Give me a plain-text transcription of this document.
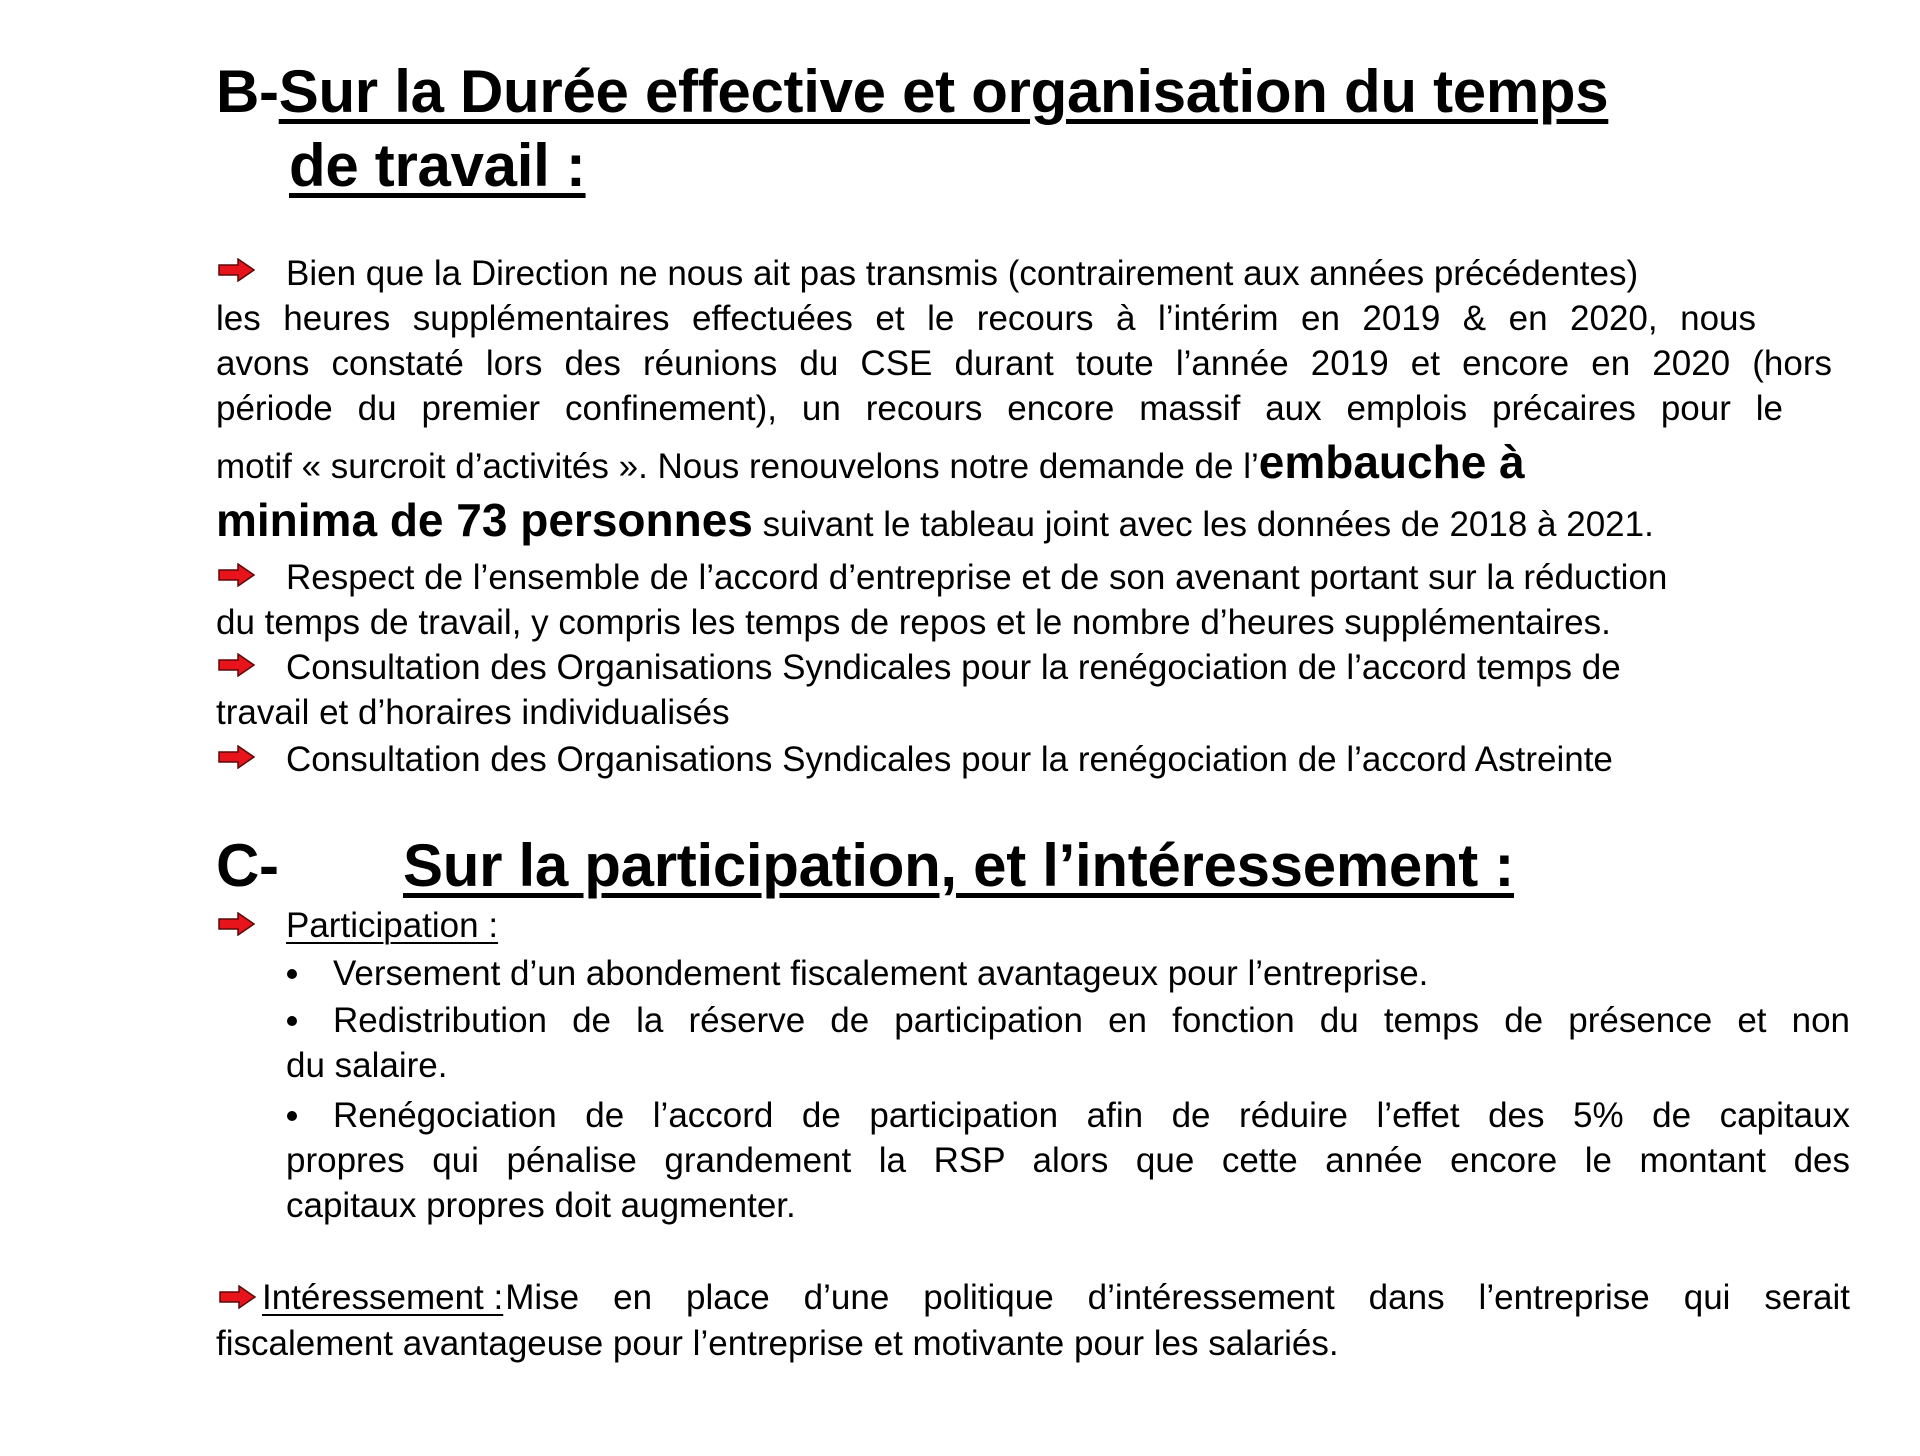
B-Sur la Durée effective et organisation du temps
de travail :
Bien que la Direction ne nous ait pas transmis (contrairement aux années précédentes)
les heures supplémentaires effectuées et le recours à l’intérim en 2019 & en 2020, nous
avons constaté lors des réunions du CSE durant toute l’année 2019 et encore en 2020 (hors
période du premier confinement), un recours encore massif aux emplois précaires pour le
motif « surcroit d’activités ». Nous renouvelons notre demande de l’embauche à
minima de 73 personnes suivant le tableau joint avec les données de 2018 à 2021.
Respect de l’ensemble de l’accord d’entreprise et de son avenant portant sur la réduction
du temps de travail, y compris les temps de repos et le nombre d’heures supplémentaires.
Consultation des Organisations Syndicales pour la renégociation de l’accord temps de
travail et d’horaires individualisés
Consultation des Organisations Syndicales pour la renégociation de l’accord Astreinte
C- Sur la participation, et l’intéressement :
Participation :
Versement d’un abondement fiscalement avantageux pour l’entreprise.
Redistribution de la réserve de participation en fonction du temps de présence et non
du salaire.
Renégociation de l’accord de participation afin de réduire l’effet des 5% de capitaux
propres qui pénalise grandement la RSP alors que cette année encore le montant des
capitaux propres doit augmenter.
Intéressement : Mise en place d’une politique d’intéressement dans l’entreprise qui serait
fiscalement avantageuse pour l’entreprise et motivante pour les salariés.
